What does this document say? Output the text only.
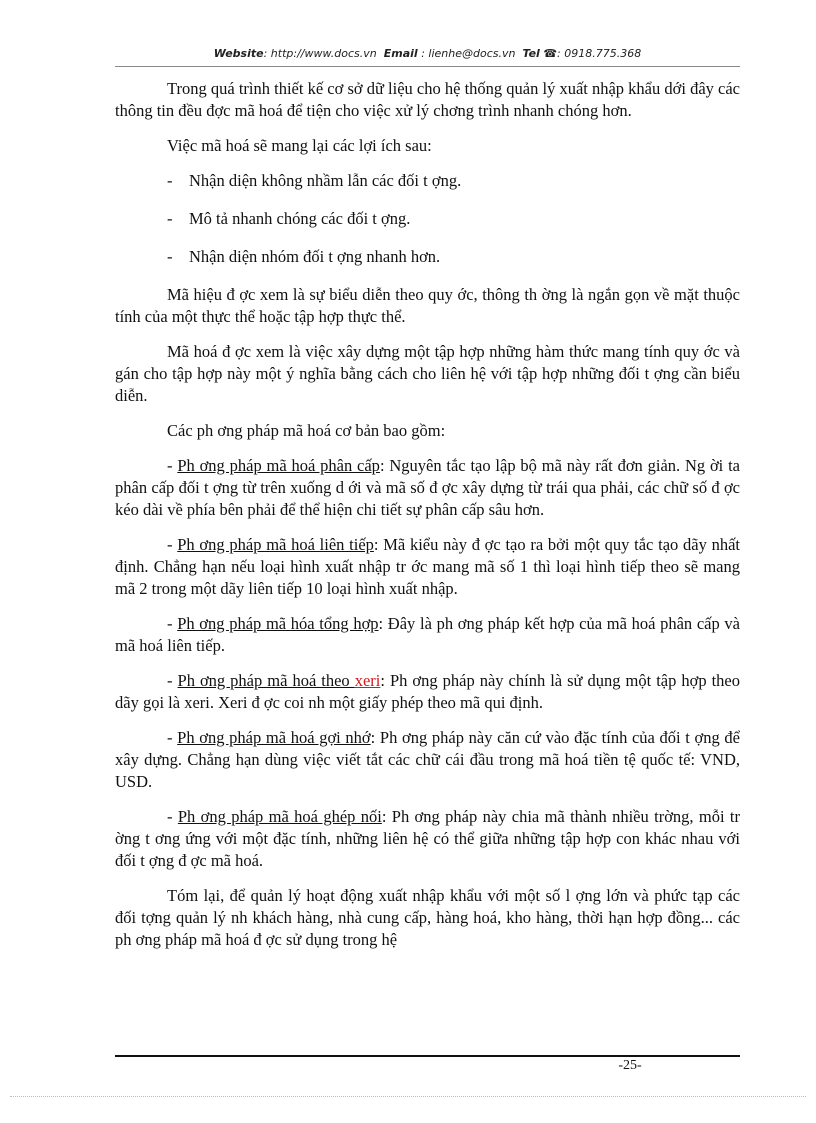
Website: http://www.docs.vn Email : lienhe@docs.vn Tel ☎: 0918.775.368

Trong quá trình thiết kế cơ sở dữ liệu cho hệ thống quản lý xuất nhập khẩu dới đây các thông tin đều đợc mã hoá để tiện cho việc xử lý chơng trình nhanh chóng hơn.

Việc mã hoá sẽ mang lại các lợi ích sau:

-	Nhận diện không nhầm lẫn các đối t ợng.

-	Mô tả nhanh chóng các đối t ợng.

-	Nhận diện nhóm đối t ợng nhanh hơn.

Mã hiệu đ ợc xem là sự biểu diễn theo quy ớc, thông th ờng là ngắn gọn về mặt thuộc tính của một thực thể hoặc tập hợp thực thể.

Mã hoá đ ợc xem là việc xây dựng một tập hợp những hàm thức mang tính quy ớc và gán cho tập hợp này một ý nghĩa bằng cách cho liên hệ với tập hợp những đối t ợng cần biểu diễn.

Các ph ơng pháp mã hoá cơ bản bao gồm:

- Ph ơng pháp mã hoá phân cấp: Nguyên tắc tạo lập bộ mã này rất đơn giản. Ng ời ta phân cấp đối t ợng từ trên xuống d ới và mã số đ ợc xây dựng từ trái qua phải, các chữ số đ ợc kéo dài về phía bên phải để thể hiện chi tiết sự phân cấp sâu hơn.

- Ph ơng pháp mã hoá liên tiếp: Mã kiểu này đ ợc tạo ra bởi một quy tắc tạo dãy nhất định. Chẳng hạn nếu loại hình xuất nhập tr ớc mang mã số 1 thì loại hình tiếp theo sẽ mang mã 2 trong một dãy liên tiếp 10 loại hình xuất nhập.

- Ph ơng pháp mã hóa tổng hợp: Đây là ph ơng pháp kết hợp của mã hoá phân cấp và mã hoá liên tiếp.

- Ph ơng pháp mã hoá theo xeri: Ph ơng pháp này chính là sử dụng một tập hợp theo dãy gọi là xeri. Xeri đ ợc coi nh một giấy phép theo mã qui định.

- Ph ơng pháp mã hoá gợi nhớ: Ph ơng pháp này căn cứ vào đặc tính của đối t ợng để xây dựng. Chẳng hạn dùng việc viết tắt các chữ cái đầu trong mã hoá tiền tệ quốc tế: VND, USD.

- Ph ơng pháp mã hoá ghép nối: Ph ơng pháp này chia mã thành nhiều trờng, mỗi tr ờng t ơng ứng với một đặc tính, những liên hệ có thể giữa những tập hợp con khác nhau với đối t ợng đ ợc mã hoá.

Tóm lại, để quản lý hoạt động xuất nhập khẩu với một số l ợng lớn và phức tạp các đối tợng quản lý nh khách hàng, nhà cung cấp, hàng hoá, kho hàng, thời hạn hợp đồng... các ph ơng pháp mã hoá đ ợc sử dụng trong hệ

-25-
